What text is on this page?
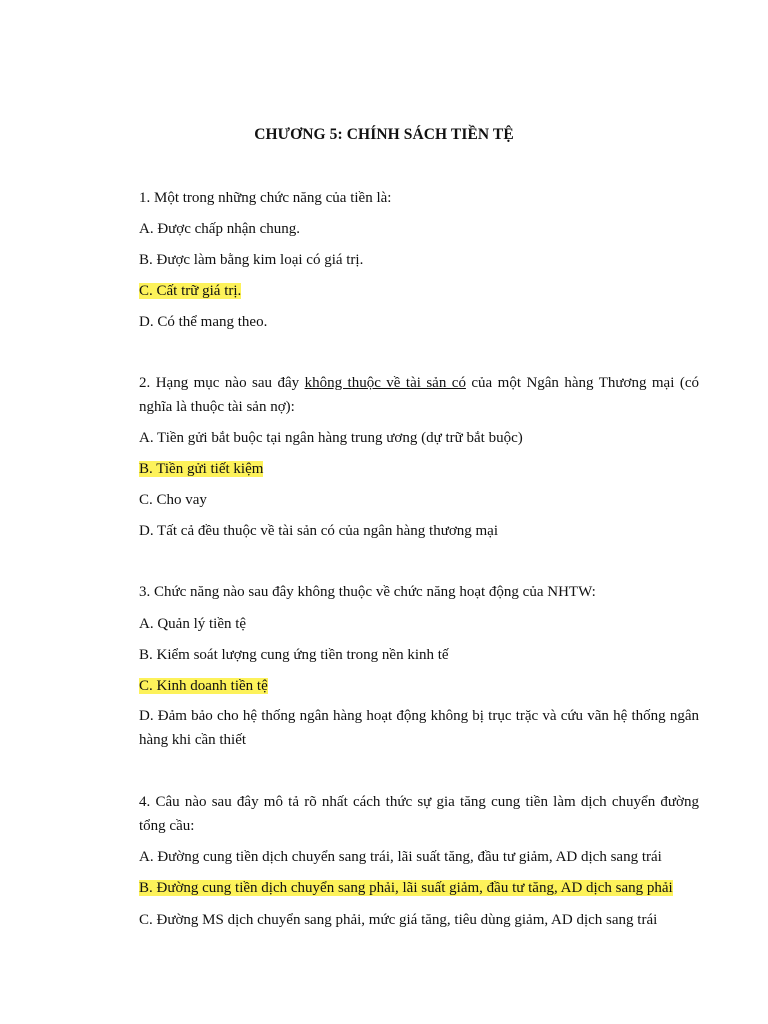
CHƯƠNG 5: CHÍNH SÁCH TIỀN TỆ
1. Một trong những chức năng của tiền là:
A. Được chấp nhận chung.
B. Được làm bằng kim loại có giá trị.
C. Cất trữ giá trị.
D. Có thể mang theo.
2. Hạng mục nào sau đây không thuộc về tài sản có của một Ngân hàng Thương mại (có nghĩa là thuộc tài sản nợ):
A. Tiền gửi bắt buộc tại ngân hàng trung ương (dự trữ bắt buộc)
B. Tiền gửi tiết kiệm
C. Cho vay
D. Tất cả đều thuộc về tài sản có của ngân hàng thương mại
3. Chức năng nào sau đây không thuộc về chức năng hoạt động của NHTW:
A. Quản lý tiền tệ
B. Kiểm soát lượng cung ứng tiền trong nền kinh tế
C. Kinh doanh tiền tệ
D. Đảm bảo cho hệ thống ngân hàng hoạt động không bị trục trặc và cứu vãn hệ thống ngân hàng khi cần thiết
4. Câu nào sau đây mô tả rõ nhất cách thức sự gia tăng cung tiền làm dịch chuyển đường tổng cầu:
A. Đường cung tiền dịch chuyển sang trái, lãi suất tăng, đầu tư giảm, AD dịch sang trái
B. Đường cung tiền dịch chuyển sang phải, lãi suất giảm, đầu tư tăng, AD dịch sang phải
C. Đường MS dịch chuyển sang phải, mức giá tăng, tiêu dùng giảm, AD dịch sang trái
